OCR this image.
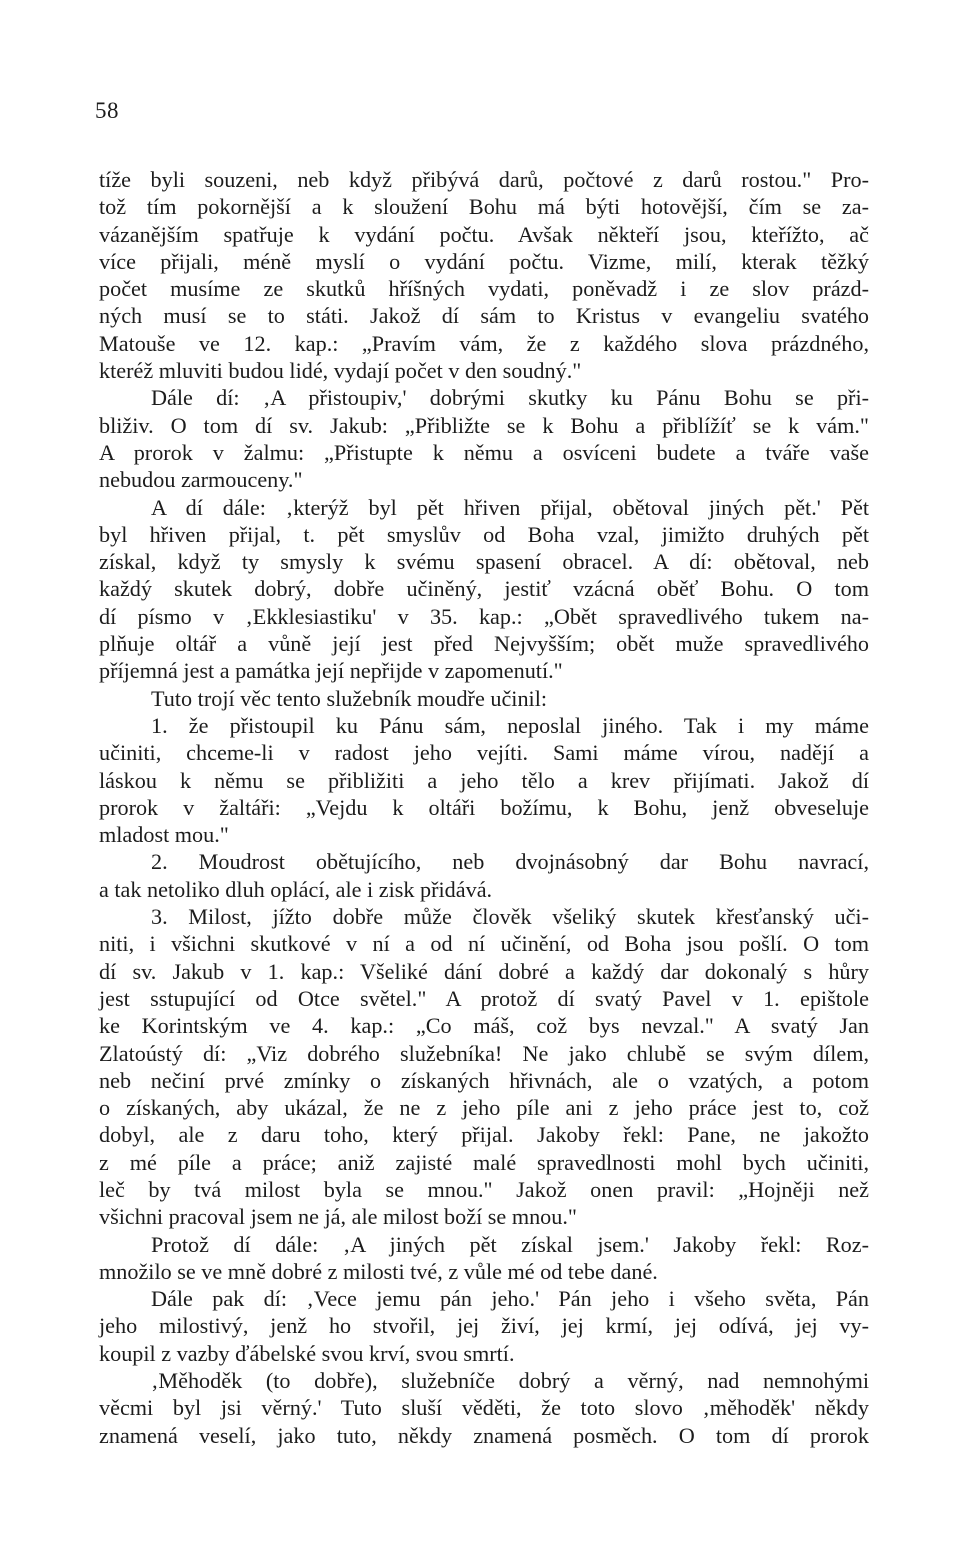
58
tíže byli souzeni, neb když přibývá darů, počtové z darů rostou." Pro-
tož tím pokornější a k sloužení Bohu má býti hotovější, čím se za-
vázanějším spatřuje k vydání počtu. Avšak někteří jsou, kteřížto, ač
více přijali, méně myslí o vydání počtu. Vizme, milí, kterak těžký
počet musíme ze skutků hříšných vydati, poněvadž i ze slov prázd-
ných musí se to státi. Jakož dí sám to Kristus v evangeliu svatého
Matouše ve 12. kap.: „Pravím vám, že z každého slova prázdného,
kteréž mluviti budou lidé, vydají počet v den soudný."
Dále dí: ‚A přistoupiv,' dobrými skutky ku Pánu Bohu se při-
bliživ. O tom dí sv. Jakub: „Přibližte se k Bohu a přiblížíť se k vám."
A prorok v žalmu: „Přistupte k němu a osvíceni budete a tváře vaše
nebudou zarmouceny."
A dí dále: ‚kterýž byl pět hřiven přijal, obětoval jiných pět.' Pět
byl hřiven přijal, t. pět smyslův od Boha vzal, jimižto druhých pět
získal, když ty smysly k svému spasení obracel. A dí: obětoval, neb
každý skutek dobrý, dobře učiněný, jestiť vzácná oběť Bohu. O tom
dí písmo v ‚Ekklesiastiku' v 35. kap.: „Obět spravedlivého tukem na-
plňuje oltář a vůně její jest před Nejvyšším; obět muže spravedlivého
příjemná jest a památka její nepřijde v zapomenutí."
Tuto trojí věc tento služebník moudře učinil:
1. že přistoupil ku Pánu sám, neposlal jiného. Tak i my máme
učiniti, chceme-li v radost jeho vejíti. Sami máme vírou, nadějí a
láskou k němu se přibližiti a jeho tělo a krev přijímati. Jakož dí
prorok v žaltáři: „Vejdu k oltáři božímu, k Bohu, jenž obveseluje
mladost mou."
2. Moudrost obětujícího, neb dvojnásobný dar Bohu navrací,
a tak netoliko dluh oplácí, ale i zisk přidává.
3. Milost, jížto dobře může člověk všeliký skutek křesťanský uči-
niti, i všichni skutkové v ní a od ní učinění, od Boha jsou pošlí. O tom
dí sv. Jakub v 1. kap.: Všeliké dání dobré a každý dar dokonalý s hůry
jest sstupující od Otce světel." A protož dí svatý Pavel v 1. epištole
ke Korintským ve 4. kap.: „Co máš, což bys nevzal." A svatý Jan
Zlatoústý dí: „Viz dobrého služebníka! Ne jako chlubě se svým dílem,
neb nečiní prvé zmínky o získaných hřivnách, ale o vzatých, a potom
o získaných, aby ukázal, že ne z jeho píle ani z jeho práce jest to, což
dobyl, ale z daru toho, který přijal. Jakoby řekl: Pane, ne jakožto
z mé píle a práce; aniž zajisté malé spravedlnosti mohl bych učiniti,
leč by tvá milost byla se mnou." Jakož onen pravil: „Hojněji než
všichni pracoval jsem ne já, ale milost boží se mnou."
Protož dí dále: ‚A jiných pět získal jsem.' Jakoby řekl: Roz-
množilo se ve mně dobré z milosti tvé, z vůle mé od tebe dané.
Dále pak dí: ‚Vece jemu pán jeho.' Pán jeho i všeho světa, Pán
jeho milostivý, jenž ho stvořil, jej živí, jej krmí, jej odívá, jej vy-
koupil z vazby ďábelské svou krví, svou smrtí.
‚Měhoděk (to dobře), služebníče dobrý a věrný, nad nemnohými
věcmi byl jsi věrný.' Tuto sluší věděti, že toto slovo ‚měhoděk' někdy
znamená veselí, jako tuto, někdy znamená posměch. O tom dí prorok
